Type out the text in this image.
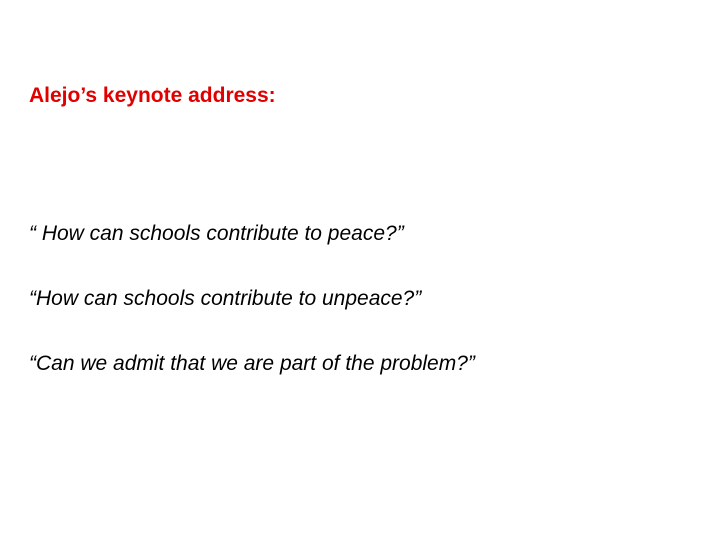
Alejo’s keynote address:

“ How can schools contribute to peace?”

“How can schools contribute to unpeace?”

“Can we admit that we are part of the problem?”
